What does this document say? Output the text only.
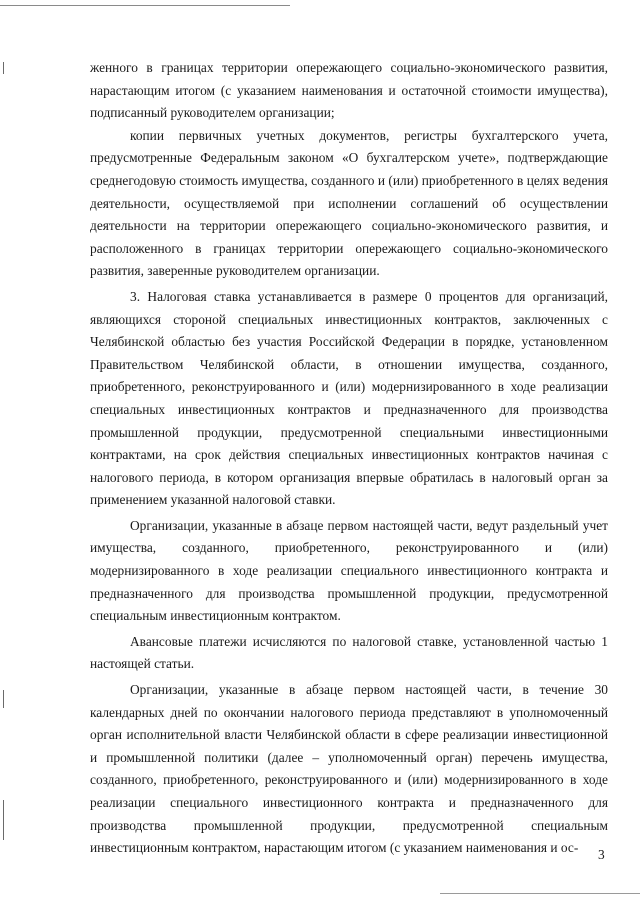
женного в границах территории опережающего социально-экономического развития, нарастающим итогом (с указанием наименования и остаточной стоимости имущества), подписанный руководителем организации;

копии первичных учетных документов, регистры бухгалтерского учета, предусмотренные Федеральным законом «О бухгалтерском учете», подтверждающие среднегодовую стоимость имущества, созданного и (или) приобретенного в целях ведения деятельности, осуществляемой при исполнении соглашений об осуществлении деятельности на территории опережающего социально-экономического развития, и расположенного в границах территории опережающего социально-экономического развития, заверенные руководителем организации.

3. Налоговая ставка устанавливается в размере 0 процентов для организаций, являющихся стороной специальных инвестиционных контрактов, заключенных с Челябинской областью без участия Российской Федерации в порядке, установленном Правительством Челябинской области, в отношении имущества, созданного, приобретенного, реконструированного и (или) модернизированного в ходе реализации специальных инвестиционных контрактов и предназначенного для производства промышленной продукции, предусмотренной специальными инвестиционными контрактами, на срок действия специальных инвестиционных контрактов начиная с налогового периода, в котором организация впервые обратилась в налоговый орган за применением указанной налоговой ставки.

Организации, указанные в абзаце первом настоящей части, ведут раздельный учет имущества, созданного, приобретенного, реконструированного и (или) модернизированного в ходе реализации специального инвестиционного контракта и предназначенного для производства промышленной продукции, предусмотренной специальным инвестиционным контрактом.

Авансовые платежи исчисляются по налоговой ставке, установленной частью 1 настоящей статьи.

Организации, указанные в абзаце первом настоящей части, в течение 30 календарных дней по окончании налогового периода представляют в уполномоченный орган исполнительной власти Челябинской области в сфере реализации инвестиционной и промышленной политики (далее – уполномоченный орган) перечень имущества, созданного, приобретенного, реконструированного и (или) модернизированного в ходе реализации специального инвестиционного контракта и предназначенного для производства промышленной продукции, предусмотренной специальным инвестиционным контрактом, нарастающим итогом (с указанием наименования и ос-	3
